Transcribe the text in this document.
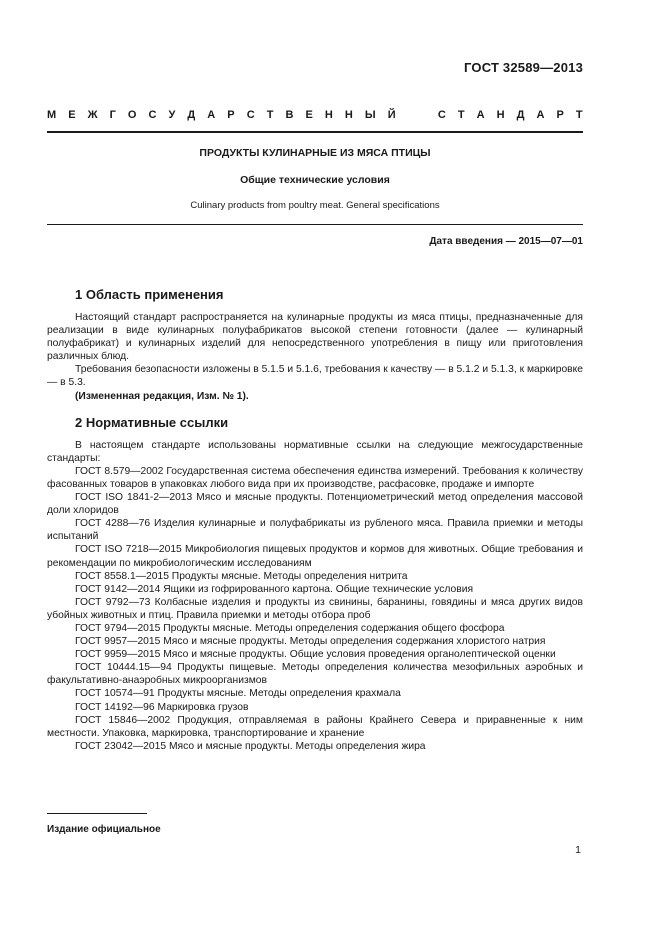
ГОСТ 32589—2013
М Е Ж Г О С У Д А Р С Т В Е Н Н Ы Й

	С Т А Н Д А Р Т
ПРОДУКТЫ КУЛИНАРНЫЕ ИЗ МЯСА ПТИЦЫ
Общие технические условия
Culinary products from poultry meat. General specifications
Дата введения — 2015—07—01
1 Область применения

Настоящий стандарт распространяется на кулинарные продукты из мяса птицы, предназначенные для реализации в виде кулинарных полуфабрикатов высокой степени готовности (далее — кулинарный полуфабрикат) и кулинарных изделий для непосредственного употребления в пищу или приготовления различных блюд.

Требования безопасности изложены в 5.1.5 и 5.1.6, требования к качеству — в 5.1.2 и 5.1.3, к маркировке — в 5.3.

(Измененная редакция, Изм. № 1).

2 Нормативные ссылки

В настоящем стандарте использованы нормативные ссылки на следующие межгосударственные стандарты:

ГОСТ 8.579—2002 Государственная система обеспечения единства измерений. Требования к количеству фасованных товаров в упаковках любого вида при их производстве, расфасовке, продаже и импорте

ГОСТ ISO 1841-2—2013 Мясо и мясные продукты. Потенциометрический метод определения массовой доли хлоридов

ГОСТ 4288—76 Изделия кулинарные и полуфабрикаты из рубленого мяса. Правила приемки и методы испытаний

ГОСТ ISO 7218—2015 Микробиология пищевых продуктов и кормов для животных. Общие требования и рекомендации по микробиологическим исследованиям

ГОСТ 8558.1—2015 Продукты мясные. Методы определения нитрита

ГОСТ 9142—2014 Ящики из гофрированного картона. Общие технические условия

ГОСТ 9792—73 Колбасные изделия и продукты из свинины, баранины, говядины и мяса других видов убойных животных и птиц. Правила приемки и методы отбора проб

ГОСТ 9794—2015 Продукты мясные. Методы определения содержания общего фосфора

ГОСТ 9957—2015 Мясо и мясные продукты. Методы определения содержания хлористого натрия

ГОСТ 9959—2015 Мясо и мясные продукты. Общие условия проведения органолептической оценки

ГОСТ 10444.15—94 Продукты пищевые. Методы определения количества мезофильных аэробных и факультативно-анаэробных микроорганизмов

ГОСТ 10574—91 Продукты мясные. Методы определения крахмала

ГОСТ 14192—96 Маркировка грузов

ГОСТ 15846—2002 Продукция, отправляемая в районы Крайнего Севера и приравненные к ним местности. Упаковка, маркировка, транспортирование и хранение

ГОСТ 23042—2015 Мясо и мясные продукты. Методы определения жира

Издание официальное
1
